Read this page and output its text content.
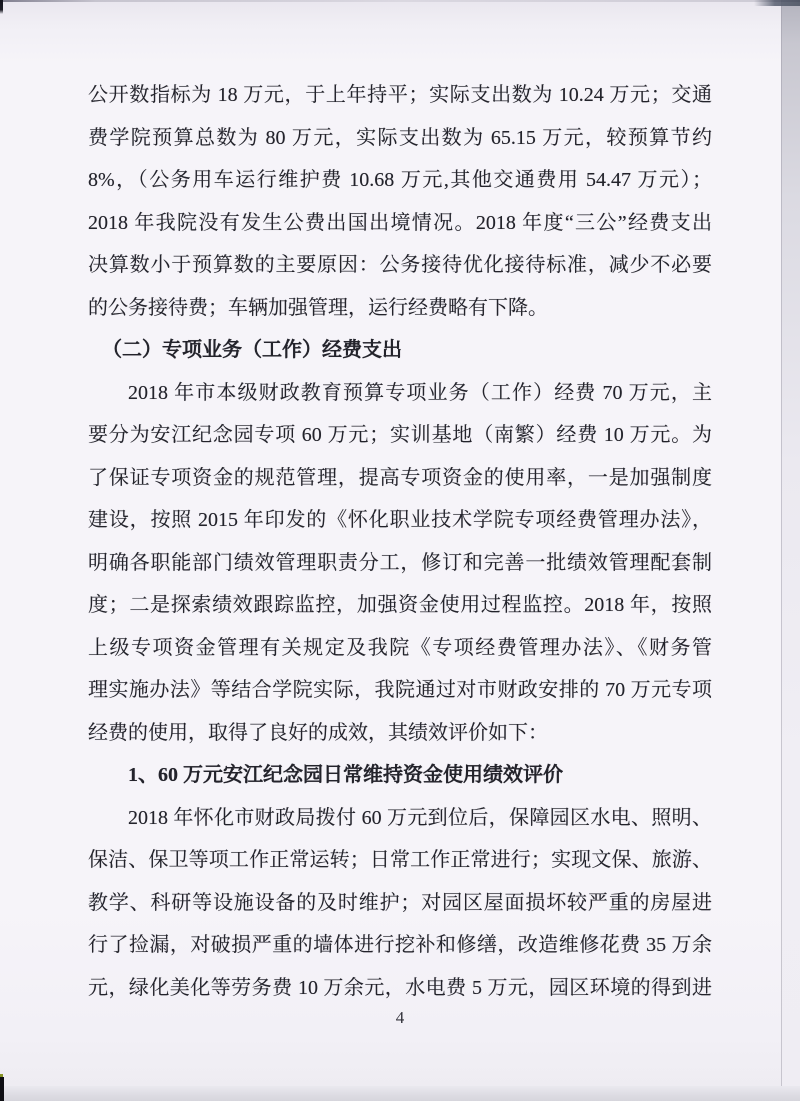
公开数指标为 18 万元，于上年持平；实际支出数为 10.24 万元；交通
费学院预算总数为 80 万元，实际支出数为 65.15 万元，较预算节约
8%，（公务用车运行维护费 10.68 万元,其他交通费用 54.47 万元）；
2018 年我院没有发生公费出国出境情况。2018 年度“三公”经费支出
决算数小于预算数的主要原因：公务接待优化接待标准，减少不必要
的公务接待费；车辆加强管理，运行经费略有下降。
（二）专项业务（工作）经费支出
2018 年市本级财政教育预算专项业务（工作）经费 70 万元，主
要分为安江纪念园专项 60 万元；实训基地（南繁）经费 10 万元。为
了保证专项资金的规范管理，提高专项资金的使用率，一是加强制度
建设，按照 2015 年印发的《怀化职业技术学院专项经费管理办法》，
明确各职能部门绩效管理职责分工，修订和完善一批绩效管理配套制
度；二是探索绩效跟踪监控，加强资金使用过程监控。2018 年，按照
上级专项资金管理有关规定及我院《专项经费管理办法》、《财务管
理实施办法》等结合学院实际，我院通过对市财政安排的 70 万元专项
经费的使用，取得了良好的成效，其绩效评价如下：
1、60 万元安江纪念园日常维持资金使用绩效评价
2018 年怀化市财政局拨付 60 万元到位后，保障园区水电、照明、
保洁、保卫等项工作正常运转；日常工作正常进行；实现文保、旅游、
教学、科研等设施设备的及时维护；对园区屋面损坏较严重的房屋进
行了捡漏，对破损严重的墙体进行挖补和修缮，改造维修花费 35 万余
元，绿化美化等劳务费 10 万余元，水电费 5 万元，园区环境的得到进
4
